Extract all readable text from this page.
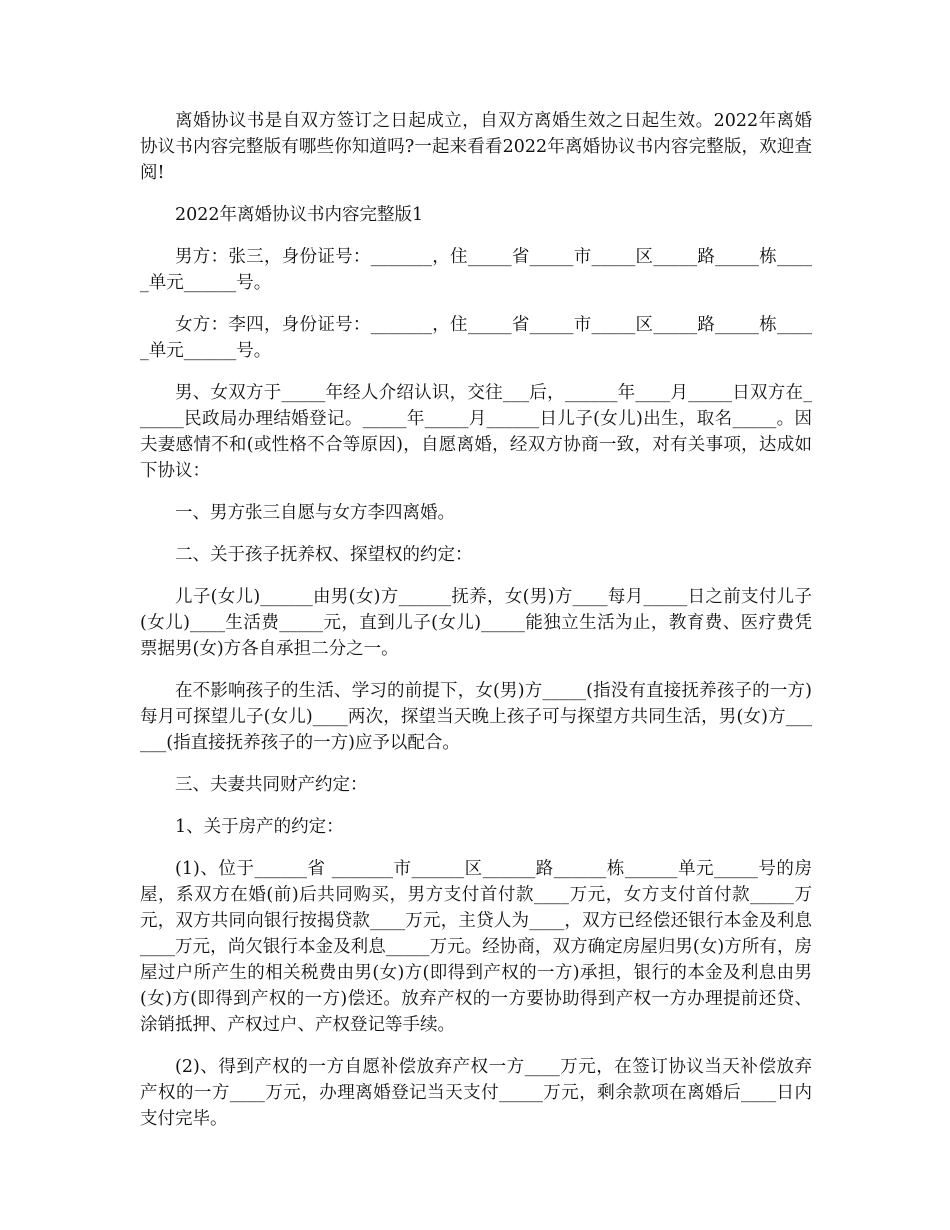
离婚协议书是自双方签订之日起成立，自双方离婚生效之日起生效。2022年离婚协议书内容完整版有哪些你知道吗?一起来看看2022年离婚协议书内容完整版，欢迎查阅!

2022年离婚协议书内容完整版1

男方：张三，身份证号：_______，住_____省_____市_____区_____路_____栋_____单元______号。

女方：李四，身份证号：_______，住_____省_____市_____区_____路_____栋_____单元______号。

男、女双方于_____年经人介绍认识，交往___后，______年____月_____日双方在______民政局办理结婚登记。_____年_____月______日儿子(女儿)出生，取名_____。因夫妻感情不和(或性格不合等原因)，自愿离婚，经双方协商一致，对有关事项，达成如下协议：

一、男方张三自愿与女方李四离婚。

二、关于孩子抚养权、探望权的约定：

儿子(女儿)______由男(女)方______抚养，女(男)方____每月_____日之前支付儿子(女儿)____生活费_____元，直到儿子(女儿)_____能独立生活为止，教育费、医疗费凭票据男(女)方各自承担二分之一。

在不影响孩子的生活、学习的前提下，女(男)方_____(指没有直接抚养孩子的一方)每月可探望儿子(女儿)____两次，探望当天晚上孩子可与探望方共同生活，男(女)方______(指直接抚养孩子的一方)应予以配合。

三、夫妻共同财产约定：

1、关于房产的约定：

(1)、位于______省 _______市______区______路______栋______单元_____号的房屋，系双方在婚(前)后共同购买，男方支付首付款____万元，女方支付首付款_____万元，双方共同向银行按揭贷款____万元，主贷人为____，双方已经偿还银行本金及利息____万元，尚欠银行本金及利息_____万元。经协商，双方确定房屋归男(女)方所有，房屋过户所产生的相关税费由男(女)方(即得到产权的一方)承担，银行的本金及利息由男(女)方(即得到产权的一方)偿还。放弃产权的一方要协助得到产权一方办理提前还贷、涂销抵押、产权过户、产权登记等手续。

(2)、得到产权的一方自愿补偿放弃产权一方____万元，在签订协议当天补偿放弃产权的一方____万元，办理离婚登记当天支付_____万元，剩余款项在离婚后____日内支付完毕。
